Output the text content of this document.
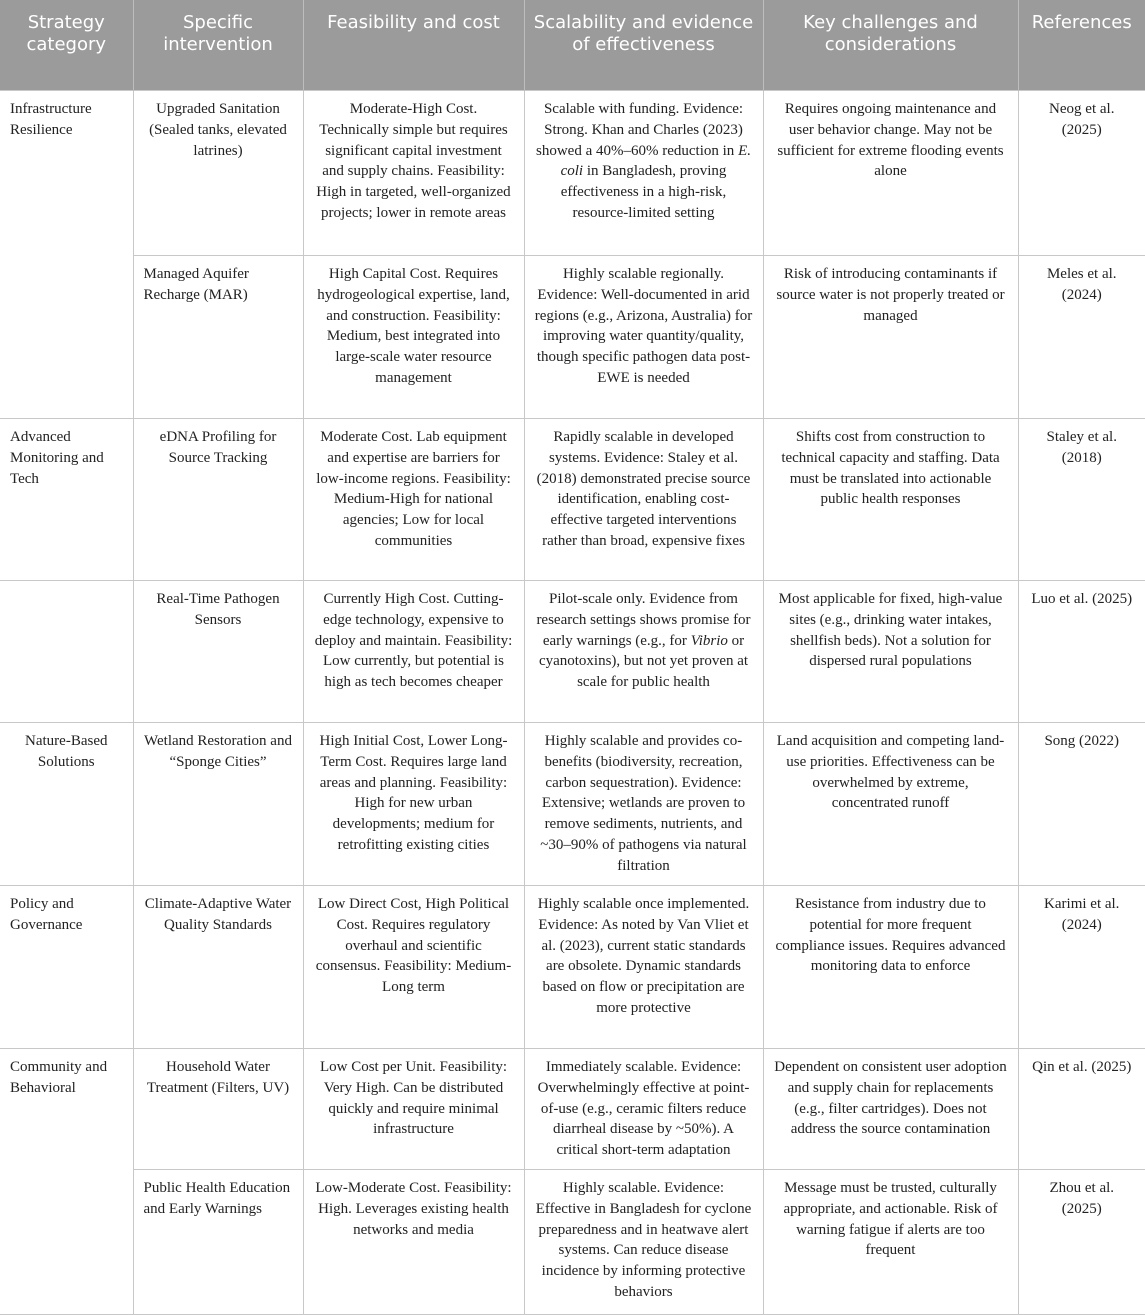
Strategy category	Specific intervention	Feasibility and cost	Scalability and evidence of effectiveness	Key challenges and considerations	References
Infrastructure Resilience	Upgraded Sanitation (Sealed tanks, elevated latrines)	Moderate-High Cost. Technically simple but requires significant capital investment and supply chains. Feasibility: High in targeted, well-organized projects; lower in remote areas	Scalable with funding. Evidence: Strong. Khan and Charles (2023) showed a 40%–60% reduction in E. coli in Bangladesh, proving effectiveness in a high-risk, resource-limited setting	Requires ongoing maintenance and user behavior change. May not be sufficient for extreme flooding events alone	Neog et al. (2025)
	Managed Aquifer Recharge (MAR)	High Capital Cost. Requires hydrogeological expertise, land, and construction. Feasibility: Medium, best integrated into large-scale water resource management	Highly scalable regionally. Evidence: Well-documented in arid regions (e.g., Arizona, Australia) for improving water quantity/quality, though specific pathogen data post-EWE is needed	Risk of introducing contaminants if source water is not properly treated or managed	Meles et al. (2024)
Advanced Monitoring and Tech	eDNA Profiling for Source Tracking	Moderate Cost. Lab equipment and expertise are barriers for low-income regions. Feasibility: Medium-High for national agencies; Low for local communities	Rapidly scalable in developed systems. Evidence: Staley et al. (2018) demonstrated precise source identification, enabling cost-effective targeted interventions rather than broad, expensive fixes	Shifts cost from construction to technical capacity and staffing. Data must be translated into actionable public health responses	Staley et al. (2018)
	Real-Time Pathogen Sensors	Currently High Cost. Cutting-edge technology, expensive to deploy and maintain. Feasibility: Low currently, but potential is high as tech becomes cheaper	Pilot-scale only. Evidence from research settings shows promise for early warnings (e.g., for Vibrio or cyanotoxins), but not yet proven at scale for public health	Most applicable for fixed, high-value sites (e.g., drinking water intakes, shellfish beds). Not a solution for dispersed rural populations	Luo et al. (2025)
Nature-Based Solutions	Wetland Restoration and “Sponge Cities”	High Initial Cost, Lower Long-Term Cost. Requires large land areas and planning. Feasibility: High for new urban developments; medium for retrofitting existing cities	Highly scalable and provides co-benefits (biodiversity, recreation, carbon sequestration). Evidence: Extensive; wetlands are proven to remove sediments, nutrients, and ~30–90% of pathogens via natural filtration	Land acquisition and competing land-use priorities. Effectiveness can be overwhelmed by extreme, concentrated runoff	Song (2022)
Policy and Governance	Climate-Adaptive Water Quality Standards	Low Direct Cost, High Political Cost. Requires regulatory overhaul and scientific consensus. Feasibility: Medium-Long term	Highly scalable once implemented. Evidence: As noted by Van Vliet et al. (2023), current static standards are obsolete. Dynamic standards based on flow or precipitation are more protective	Resistance from industry due to potential for more frequent compliance issues. Requires advanced monitoring data to enforce	Karimi et al. (2024)
Community and Behavioral	Household Water Treatment (Filters, UV)	Low Cost per Unit. Feasibility: Very High. Can be distributed quickly and require minimal infrastructure	Immediately scalable. Evidence: Overwhelmingly effective at point-of-use (e.g., ceramic filters reduce diarrheal disease by ~50%). A critical short-term adaptation	Dependent on consistent user adoption and supply chain for replacements (e.g., filter cartridges). Does not address the source contamination	Qin et al. (2025)
	Public Health Education and Early Warnings	Low-Moderate Cost. Feasibility: High. Leverages existing health networks and media	Highly scalable. Evidence: Effective in Bangladesh for cyclone preparedness and in heatwave alert systems. Can reduce disease incidence by informing protective behaviors	Message must be trusted, culturally appropriate, and actionable. Risk of warning fatigue if alerts are too frequent	Zhou et al. (2025)
